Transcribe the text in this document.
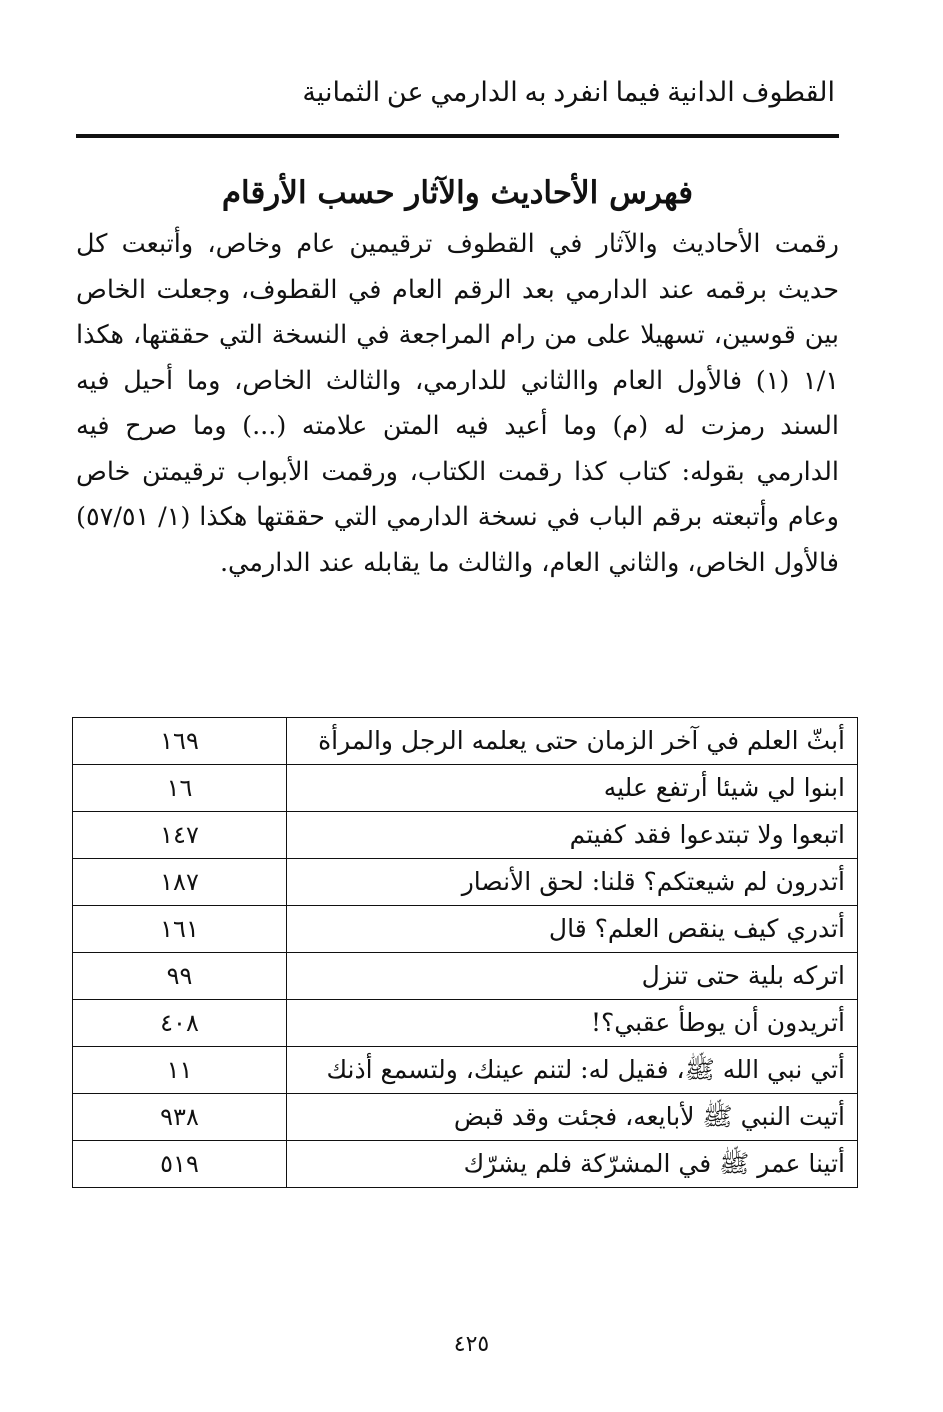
القطوف الدانية فيما انفرد به الدارمي عن الثمانية
فهرس الأحاديث والآثار حسب الأرقام
رقمت الأحاديث والآثار في القطوف ترقيمين عام وخاص، وأتبعت كل حديث برقمه عند الدارمي بعد الرقم العام في القطوف، وجعلت الخاص بين قوسين، تسهيلا على من رام المراجعة في النسخة التي حققتها، هكذا ١/١ (١) فالأول العام واالثاني للدارمي، والثالث الخاص، وما أحيل فيه السند رمزت له (م) وما أعيد فيه المتن علامته (...) وما صرح فيه الدارمي بقوله: كتاب كذا رقمت الكتاب، ورقمت الأبواب ترقيمتن خاص وعام وأتبعته برقم الباب في نسخة الدارمي التي حققتها هكذا (١/ ٥٧/٥١) فالأول الخاص، والثاني العام، والثالث ما يقابله عند الدارمي.
أبثّ العلم في آخر الزمان حتى يعلمه الرجل والمرأة	١٦٩
ابنوا لي شيئا أرتفع عليه	١٦
اتبعوا ولا تبتدعوا فقد كفيتم	١٤٧
أتدرون لم شيعتكم؟ قلنا: لحق الأنصار	١٨٧
أتدري كيف ينقص العلم؟ قال	١٦١
اتركه بلية حتى تنزل	٩٩
أتريدون أن يوطأ عقبي؟!	٤٠٨
أتي نبي الله ﷺ، فقيل له: لتنم عينك، ولتسمع أذنك	١١
أتيت النبي ﷺ لأبايعه، فجئت وقد قبض	٩٣٨
أتينا عمر ﷺ في المشرّكة فلم يشرّك	٥١٩
٤٢٥
